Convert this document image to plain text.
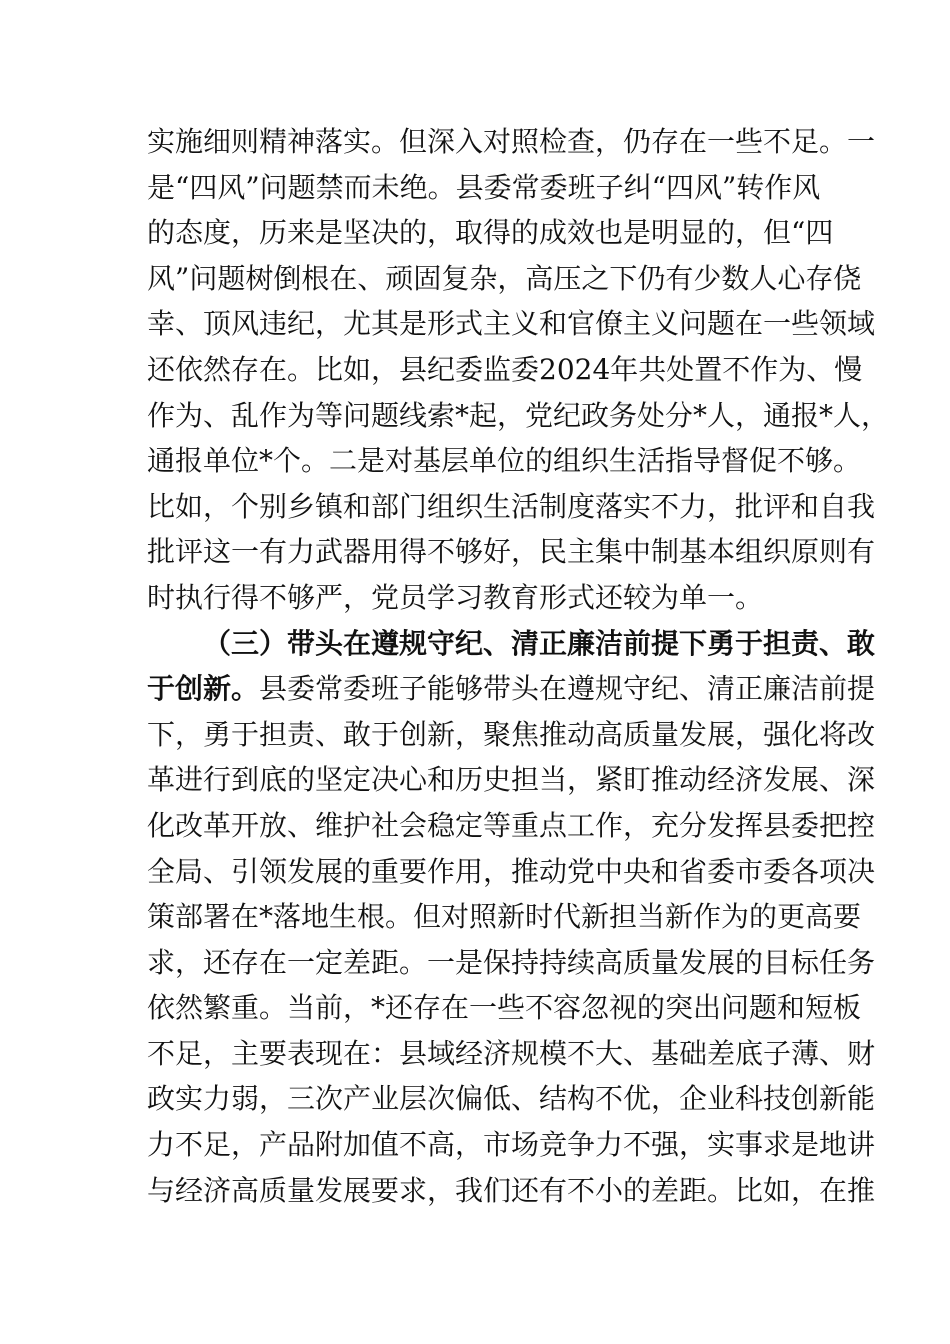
实施细则精神落实。但深入对照检查，仍存在一些不足。一
是“四风”问题禁而未绝。县委常委班子纠“四风”转作风
的态度，历来是坚决的，取得的成效也是明显的，但“四
风”问题树倒根在、顽固复杂，高压之下仍有少数人心存侥
幸、顶风违纪，尤其是形式主义和官僚主义问题在一些领域
还依然存在。比如，县纪委监委2024年共处置不作为、慢
作为、乱作为等问题线索*起，党纪政务处分*人，通报*人，
通报单位*个。二是对基层单位的组织生活指导督促不够。
比如，个别乡镇和部门组织生活制度落实不力，批评和自我
批评这一有力武器用得不够好，民主集中制基本组织原则有
时执行得不够严，党员学习教育形式还较为单一。
（三）带头在遵规守纪、清正廉洁前提下勇于担责、敢
于创新。县委常委班子能够带头在遵规守纪、清正廉洁前提
下，勇于担责、敢于创新，聚焦推动高质量发展，强化将改
革进行到底的坚定决心和历史担当，紧盯推动经济发展、深
化改革开放、维护社会稳定等重点工作，充分发挥县委把控
全局、引领发展的重要作用，推动党中央和省委市委各项决
策部署在*落地生根。但对照新时代新担当新作为的更高要
求，还存在一定差距。一是保持持续高质量发展的目标任务
依然繁重。当前，*还存在一些不容忽视的突出问题和短板
不足，主要表现在：县域经济规模不大、基础差底子薄、财
政实力弱，三次产业层次偏低、结构不优，企业科技创新能
力不足，产品附加值不高，市场竞争力不强，实事求是地讲
与经济高质量发展要求，我们还有不小的差距。比如，在推
